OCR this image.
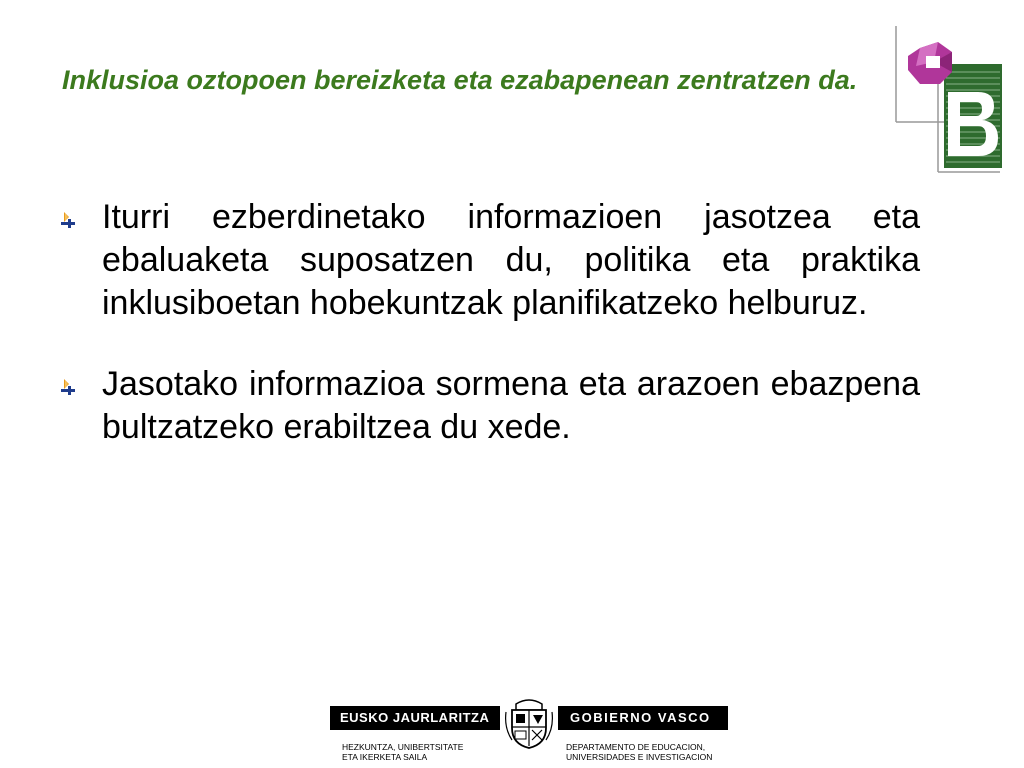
Inklusioa oztopoen bereizketa eta ezabapenean zentratzen da.
Iturri ezberdinetako informazioen jasotzea eta ebaluaketa suposatzen du, politika eta praktika inklusiboetan hobekuntzak planifikatzeko helburuz.
Jasotako informazioa sormena eta arazoen ebazpena bultzatzeko erabiltzea du xede.
EUSKO JAURLARITZA	GOBIERNO VASCO
HEZKUNTZA, UNIBERTSITATE
ETA IKERKETA SAILA
DEPARTAMENTO DE EDUCACION,
UNIVERSIDADES E INVESTIGACION
